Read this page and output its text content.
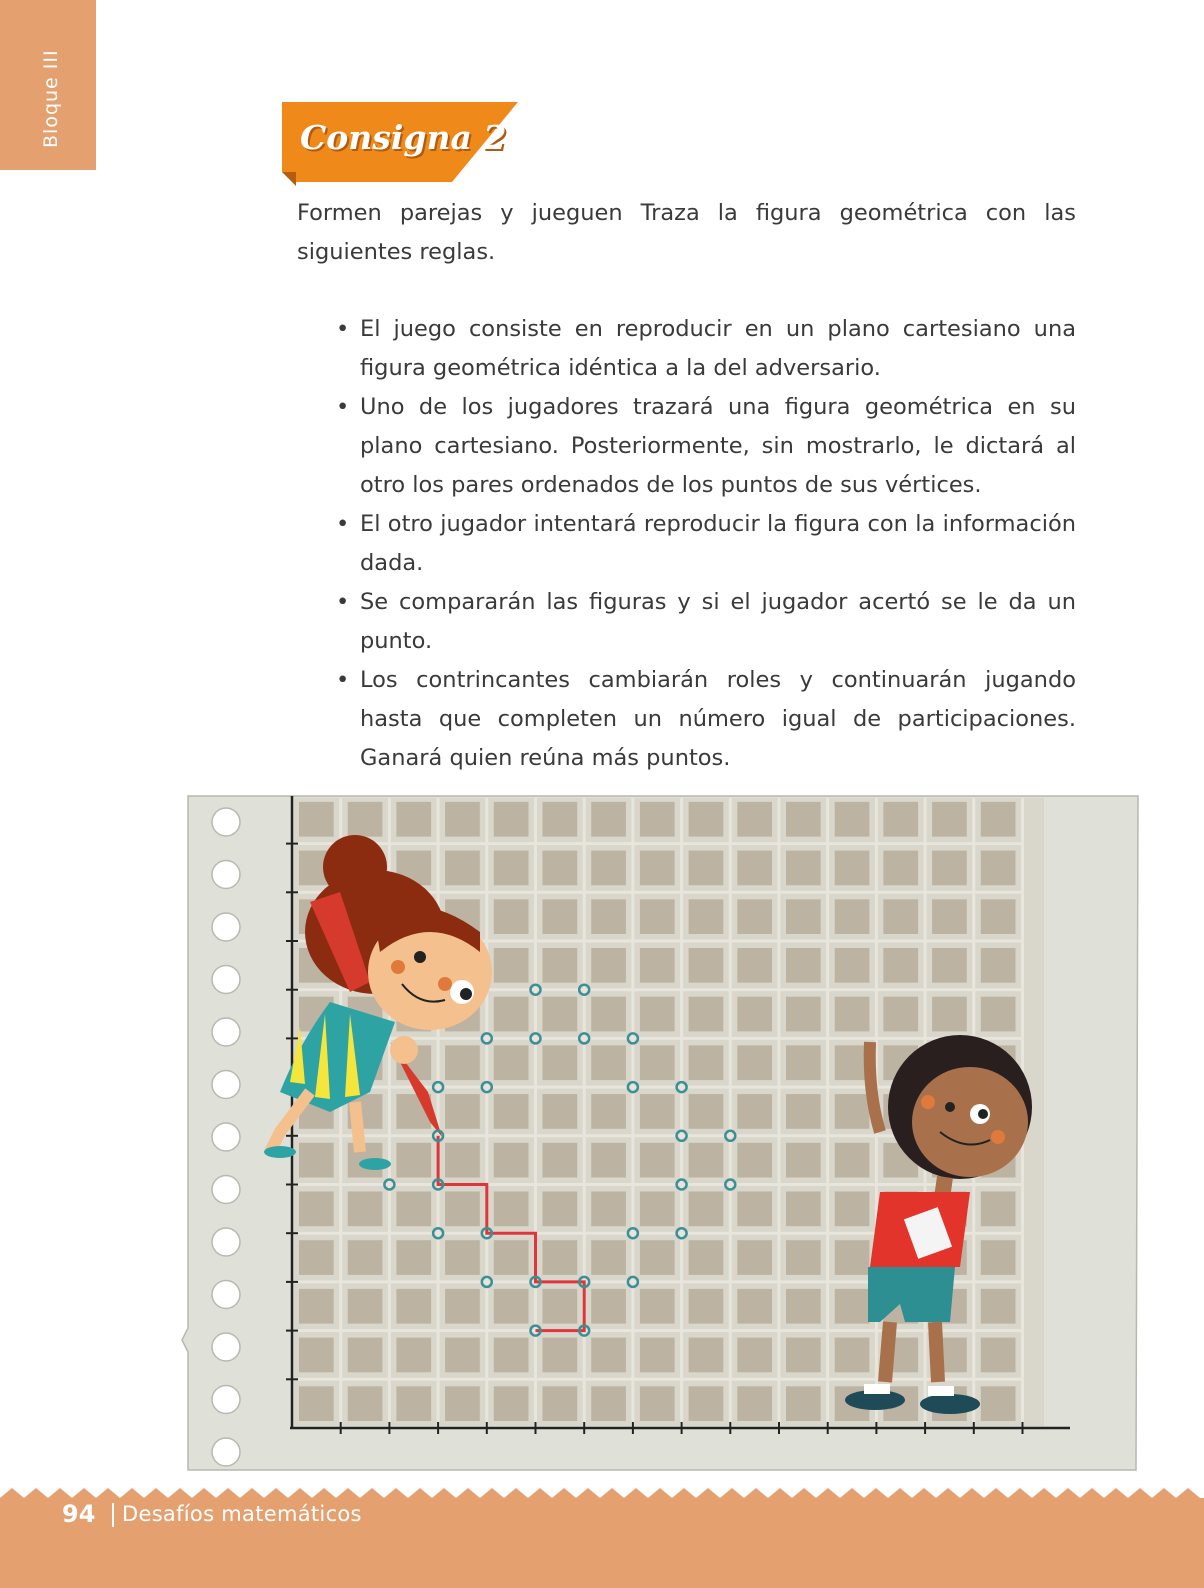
Bloque III	Consigna 2

Formen parejas y jueguen Traza la figura geométrica con las siguientes reglas.

• El juego consiste en reproducir en un plano cartesiano una figura geométrica idéntica a la del adversario.
• Uno de los jugadores trazará una figura geométrica en su plano cartesiano. Posteriormente, sin mostrarlo, le dictará al otro los pares ordenados de los puntos de sus vértices.
• El otro jugador intentará reproducir la figura con la información dada.
• Se compararán las figuras y si el jugador acertó se le da un punto.
• Los contrincantes cambiarán roles y continuarán jugando hasta que completen un número igual de participaciones. Ganará quien reúna más puntos.
94 Desafíos matemáticos
